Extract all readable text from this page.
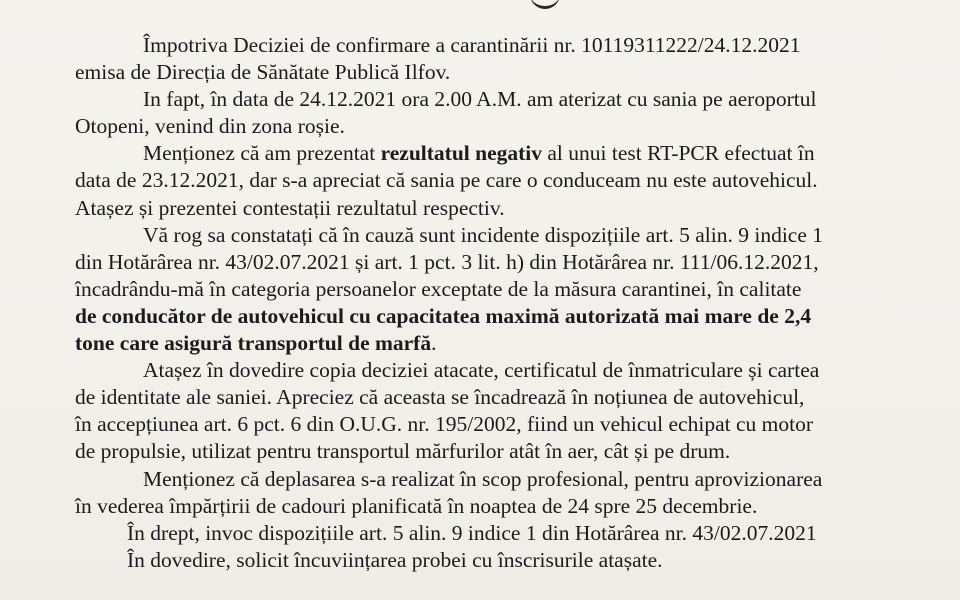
Împotriva Deciziei de confirmare a carantinării nr. 10119311222/24.12.2021
emisa de Direcția de Sănătate Publică Ilfov.
In fapt, în data de 24.12.2021 ora 2.00 A.M. am aterizat cu sania pe aeroportul
Otopeni, venind din zona roșie.
Menționez că am prezentat rezultatul negativ al unui test RT-PCR efectuat în
data de 23.12.2021, dar s-a apreciat că sania pe care o conduceam nu este autovehicul.
Atașez și prezentei contestații rezultatul respectiv.
Vă rog sa constatați că în cauză sunt incidente dispozițiile art. 5 alin. 9 indice 1
din Hotărârea nr. 43/02.07.2021 și art. 1 pct. 3 lit. h) din Hotărârea nr. 111/06.12.2021,
încadrându-mă în categoria persoanelor exceptate de la măsura carantinei, în calitate
de conducător de autovehicul cu capacitatea maximă autorizată mai mare de 2,4
tone care asigură transportul de marfă.
Atașez în dovedire copia deciziei atacate, certificatul de înmatriculare și cartea
de identitate ale saniei. Apreciez că aceasta se încadrează în noțiunea de autovehicul,
în accepțiunea art. 6 pct. 6 din O.U.G. nr. 195/2002, fiind un vehicul echipat cu motor
de propulsie, utilizat pentru transportul mărfurilor atât în aer, cât și pe drum.
Menționez că deplasarea s-a realizat în scop profesional, pentru aprovizionarea
în vederea împărțirii de cadouri planificată în noaptea de 24 spre 25 decembrie.
În drept, invoc dispozițiile art. 5 alin. 9 indice 1 din Hotărârea nr. 43/02.07.2021
În dovedire, solicit încuviințarea probei cu înscrisurile atașate.
